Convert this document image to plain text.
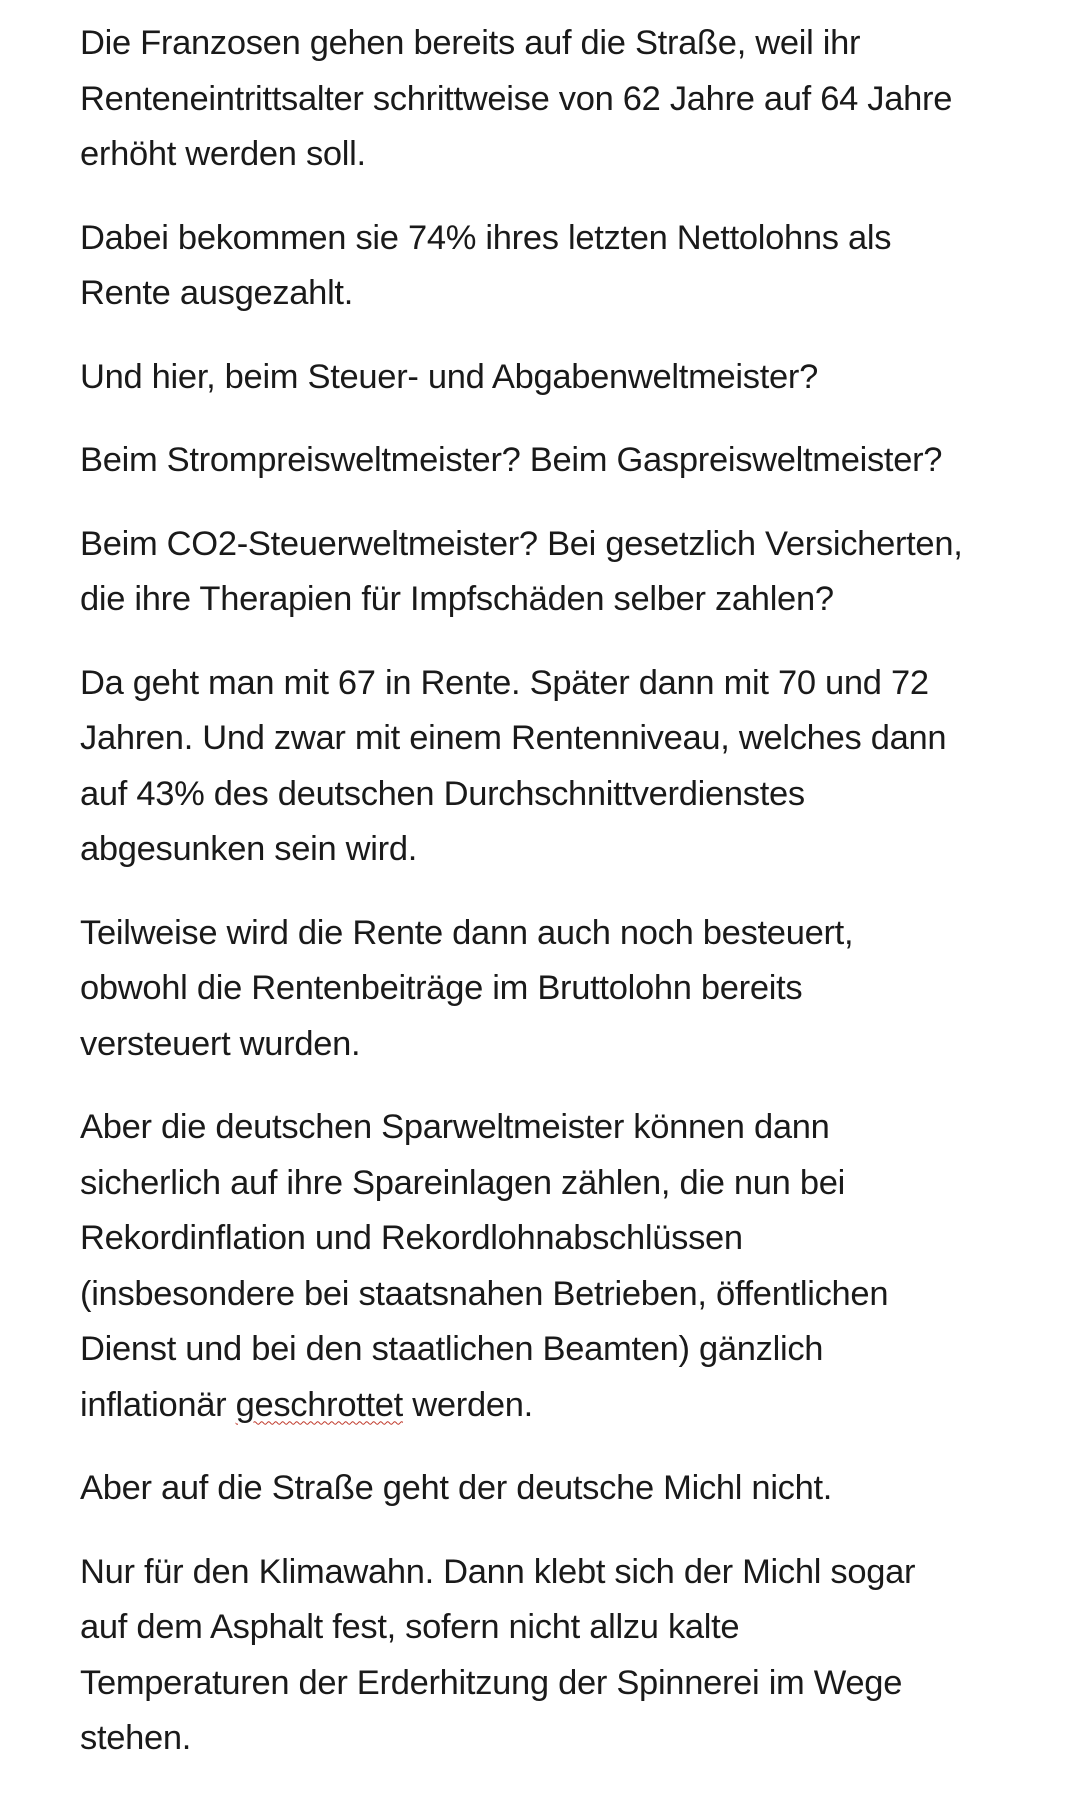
Die Franzosen gehen bereits auf die Straße, weil ihr
Renteneintrittsalter schrittweise von 62 Jahre auf 64 Jahre
erhöht werden soll.

Dabei bekommen sie 74% ihres letzten Nettolohns als
Rente ausgezahlt.

Und hier, beim Steuer- und Abgabenweltmeister?

Beim Strompreisweltmeister? Beim Gaspreisweltmeister?

Beim CO2-Steuerweltmeister? Bei gesetzlich Versicherten,
die ihre Therapien für Impfschäden selber zahlen?

Da geht man mit 67 in Rente. Später dann mit 70 und 72
Jahren. Und zwar mit einem Rentenniveau, welches dann
auf 43% des deutschen Durchschnittverdienstes
abgesunken sein wird.

Teilweise wird die Rente dann auch noch besteuert,
obwohl die Rentenbeiträge im Bruttolohn bereits
versteuert wurden.

Aber die deutschen Sparweltmeister können dann
sicherlich auf ihre Spareinlagen zählen, die nun bei
Rekordinflation und Rekordlohnabschlüssen
(insbesondere bei staatsnahen Betrieben, öffentlichen
Dienst und bei den staatlichen Beamten) gänzlich
inflationär geschrottet werden.

Aber auf die Straße geht der deutsche Michl nicht.

Nur für den Klimawahn. Dann klebt sich der Michl sogar
auf dem Asphalt fest, sofern nicht allzu kalte
Temperaturen der Erderhitzung der Spinnerei im Wege
stehen.
